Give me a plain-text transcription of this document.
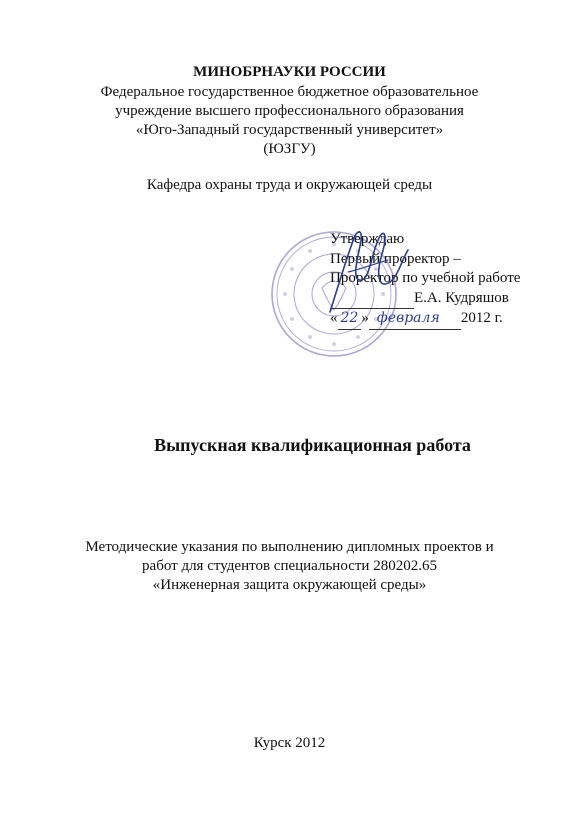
МИНОБРНАУКИ РОССИИ
Федеральное государственное бюджетное образовательное
учреждение высшего профессионального образования
«Юго-Западный государственный университет»
(ЮЗГУ)
Кафедра охраны труда и окружающей среды
Утверждаю
Первый проректор –
Проректор по учебной работе
Е.А. Кудряшов
« 22 » февраля 2012 г.
Выпускная квалификационная работа
Методические указания по выполнению дипломных проектов и
работ для студентов специальности 280202.65
«Инженерная защита окружающей среды»
Курск 2012
